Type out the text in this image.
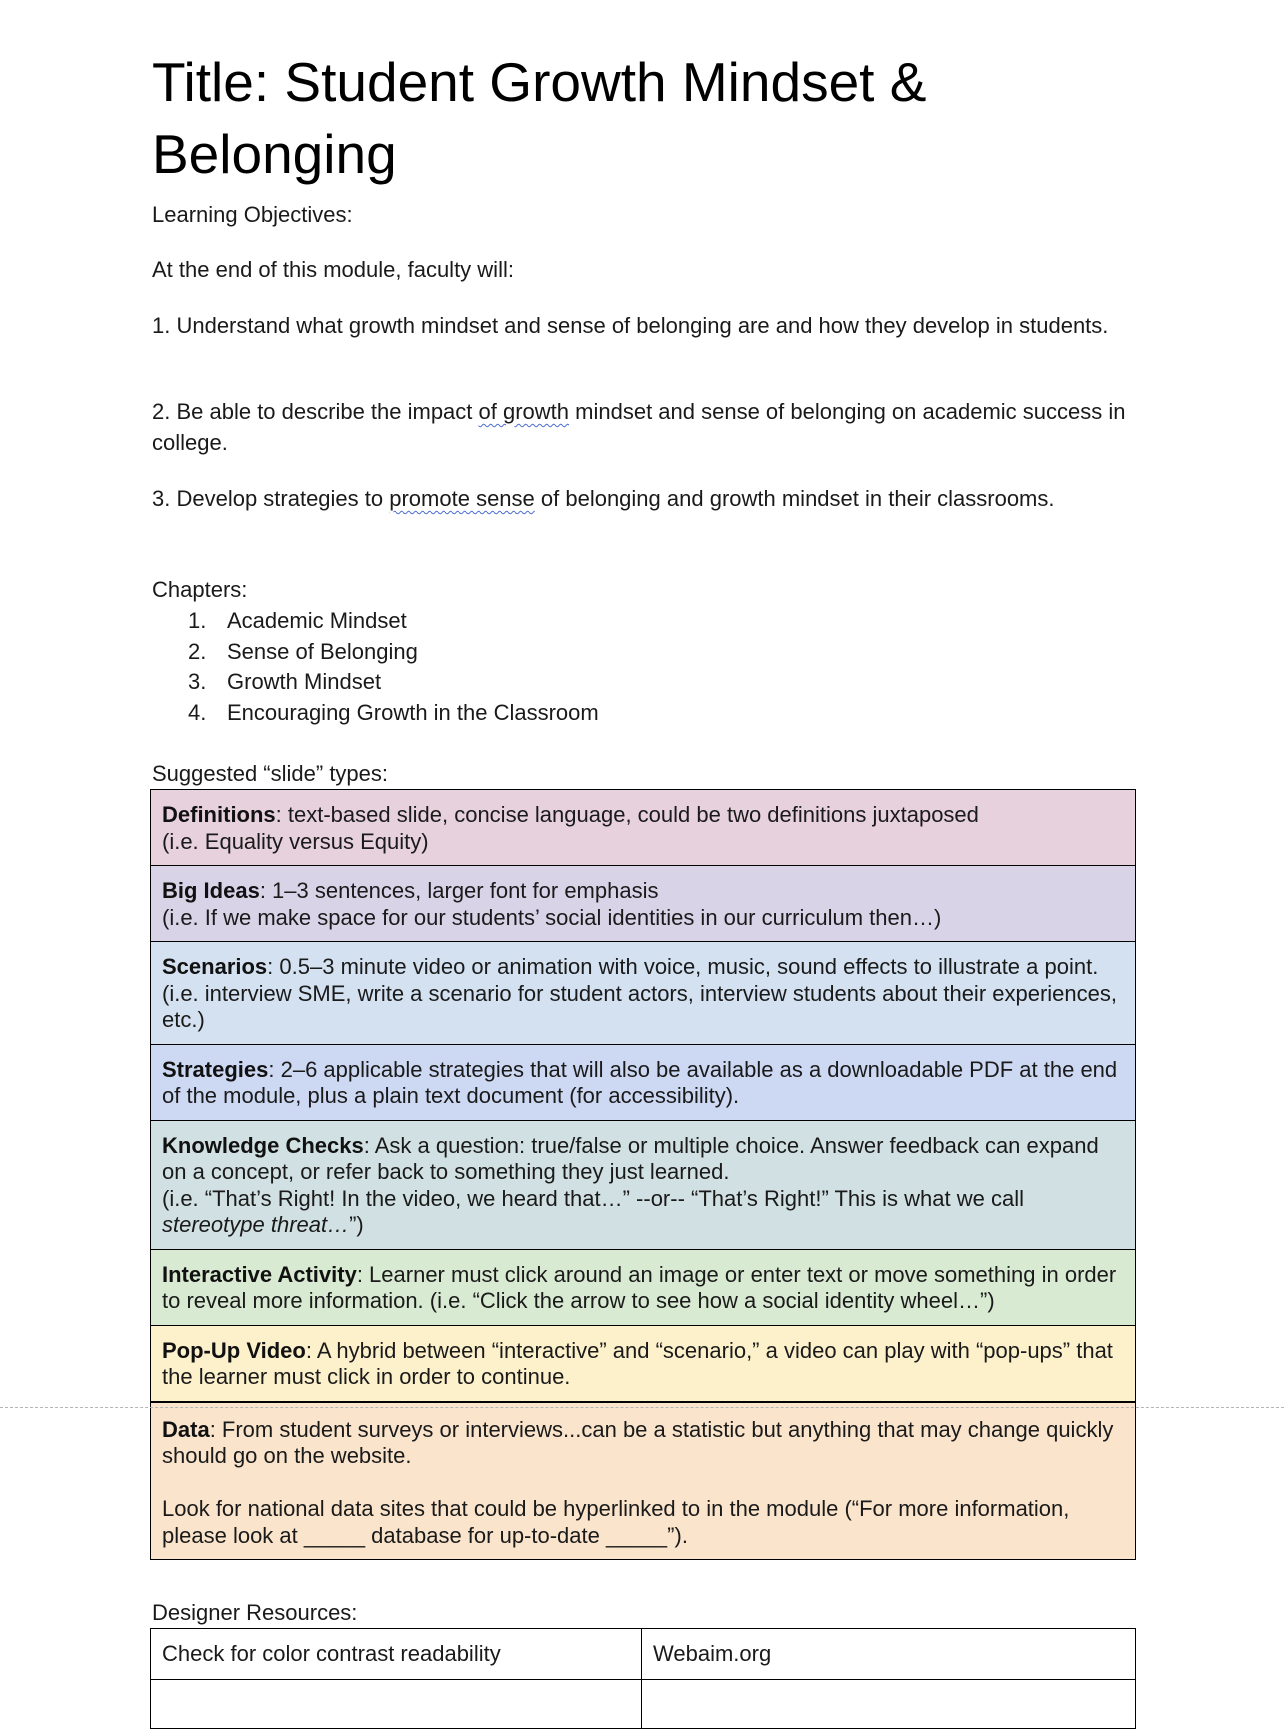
Title: Student Growth Mindset & Belonging

Learning Objectives:

At the end of this module, faculty will:

1. Understand what growth mindset and sense of belonging are and how they develop in students.

2. Be able to describe the impact of growth mindset and sense of belonging on academic success in college.

3. Develop strategies to promote sense of belonging and growth mindset in their classrooms.

Chapters:

1. Academic Mindset
2. Sense of Belonging
3. Growth Mindset
4. Encouraging Growth in the Classroom

Suggested “slide” types:

Definitions: text-based slide, concise language, could be two definitions juxtaposed
(i.e. Equality versus Equity)
Big Ideas: 1–3 sentences, larger font for emphasis
(i.e. If we make space for our students’ social identities in our curriculum then…)
Scenarios: 0.5–3 minute video or animation with voice, music, sound effects to illustrate a point. (i.e. interview SME, write a scenario for student actors, interview students about their experiences, etc.)
Strategies: 2–6 applicable strategies that will also be available as a downloadable PDF at the end of the module, plus a plain text document (for accessibility).
Knowledge Checks: Ask a question: true/false or multiple choice. Answer feedback can expand on a concept, or refer back to something they just learned.
(i.e. “That’s Right! In the video, we heard that…” --or-- “That’s Right!” This is what we call stereotype threat…”)
Interactive Activity: Learner must click around an image or enter text or move something in order to reveal more information. (i.e. “Click the arrow to see how a social identity wheel…”)
Pop-Up Video: A hybrid between “interactive” and “scenario,” a video can play with “pop-ups” that the learner must click in order to continue.
Data: From student surveys or interviews...can be a statistic but anything that may change quickly should go on the website.

Look for national data sites that could be hyperlinked to in the module (“For more information, please look at _____ database for up-to-date _____”).

Designer Resources:

Check for color contrast readability	Webaim.org
